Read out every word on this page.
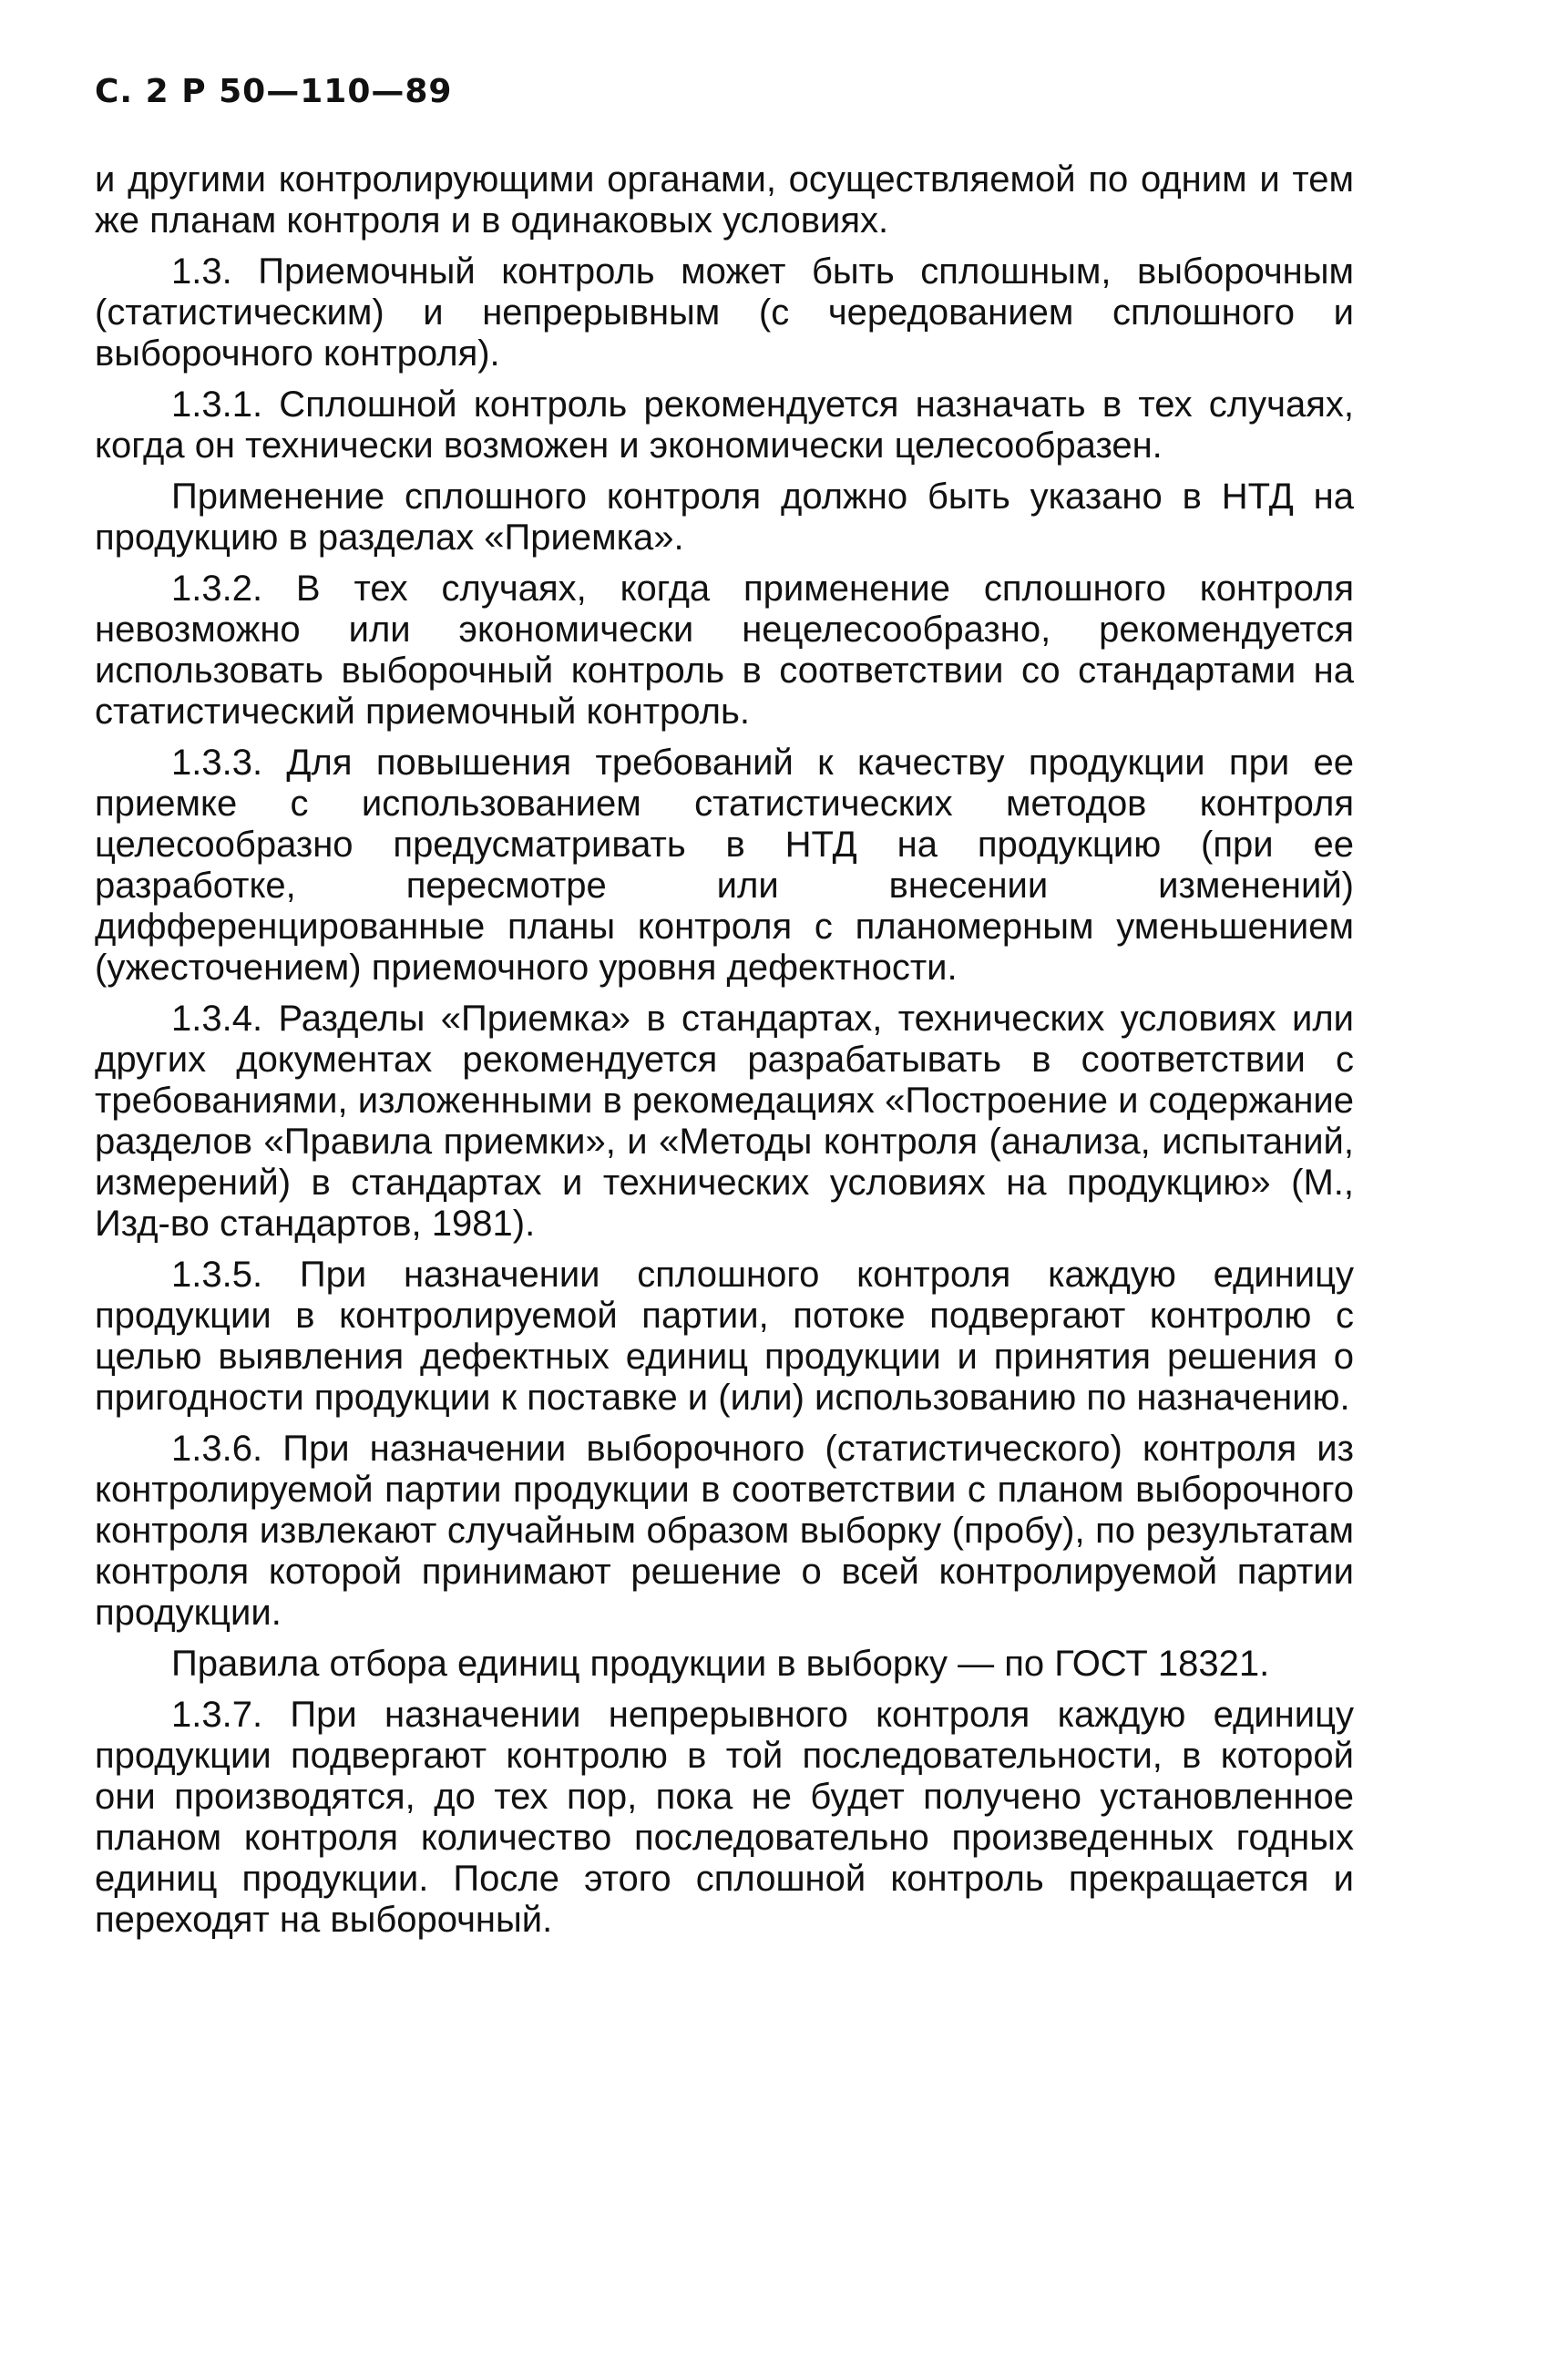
С. 2 Р 50—110—89

и другими контролирующими органами, осуществляемой по одним и тем же планам контроля и в одинаковых условиях.

1.3. Приемочный контроль может быть сплошным, выборочным (статистическим) и непрерывным (с чередованием сплошного и выборочного контроля).

1.3.1. Сплошной контроль рекомендуется назначать в тех случаях, когда он технически возможен и экономически целесообразен.

Применение сплошного контроля должно быть указано в НТД на продукцию в разделах «Приемка».

1.3.2. В тех случаях, когда применение сплошного контроля невозможно или экономически нецелесообразно, рекомендуется использовать выборочный контроль в соответствии со стандартами на статистический приемочный контроль.

1.3.3. Для повышения требований к качеству продукции при ее приемке с использованием статистических методов контроля целесообразно предусматривать в НТД на продукцию (при ее разработке, пересмотре или внесении изменений) дифференцированные планы контроля с планомерным уменьшением (ужесточением) приемочного уровня дефектности.

1.3.4. Разделы «Приемка» в стандартах, технических условиях или других документах рекомендуется разрабатывать в соответствии с требованиями, изложенными в рекомедациях «Построение и содержание разделов «Правила приемки», и «Методы контроля (анализа, испытаний, измерений) в стандартах и технических условиях на продукцию» (М., Изд-во стандартов, 1981).

1.3.5. При назначении сплошного контроля каждую единицу продукции в контролируемой партии, потоке подвергают контролю с целью выявления дефектных единиц продукции и принятия решения о пригодности продукции к поставке и (или) использованию по назначению.

1.3.6. При назначении выборочного (статистического) контроля из контролируемой партии продукции в соответствии с планом выборочного контроля извлекают случайным образом выборку (пробу), по результатам контроля которой принимают решение о всей контролируемой партии продукции.

Правила отбора единиц продукции в выборку — по ГОСТ 18321.

1.3.7. При назначении непрерывного контроля каждую единицу продукции подвергают контролю в той последовательности, в которой они производятся, до тех пор, пока не будет получено установленное планом контроля количество последовательно произведенных годных единиц продукции. После этого сплошной контроль прекращается и переходят на выборочный.
